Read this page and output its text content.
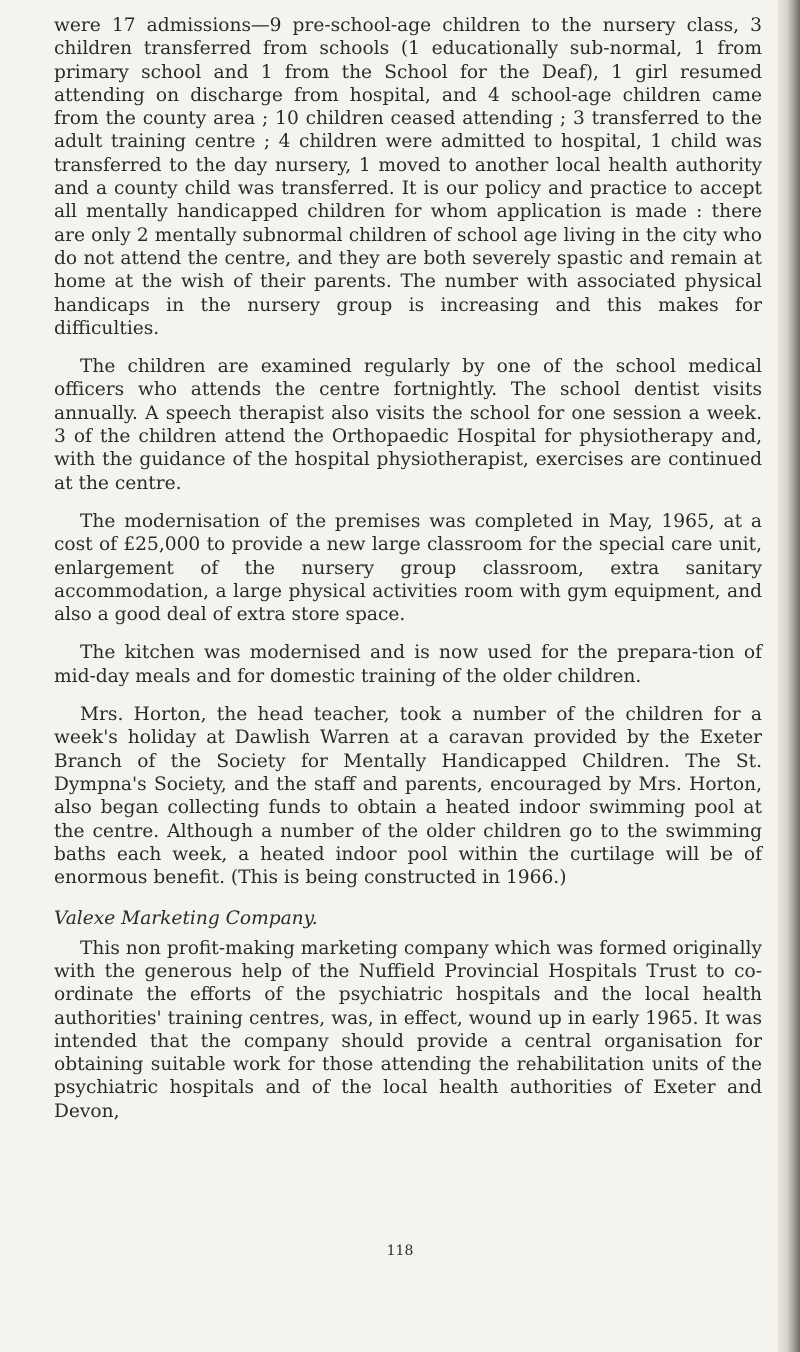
were 17 admissions—9 pre-school-age children to the nursery class, 3 children transferred from schools (1 educationally sub-normal, 1 from primary school and 1 from the School for the Deaf), 1 girl resumed attending on discharge from hospital, and 4 school-age children came from the county area ; 10 children ceased attending ; 3 transferred to the adult training centre ; 4 children were admitted to hospital, 1 child was transferred to the day nursery, 1 moved to another local health authority and a county child was transferred. It is our policy and practice to accept all mentally handicapped children for whom application is made : there are only 2 mentally subnormal children of school age living in the city who do not attend the centre, and they are both severely spastic and remain at home at the wish of their parents. The number with associated physical handicaps in the nursery group is increasing and this makes for difficulties.

The children are examined regularly by one of the school medical officers who attends the centre fortnightly. The school dentist visits annually. A speech therapist also visits the school for one session a week. 3 of the children attend the Orthopaedic Hospital for physiotherapy and, with the guidance of the hospital physiotherapist, exercises are continued at the centre.

The modernisation of the premises was completed in May, 1965, at a cost of £25,000 to provide a new large classroom for the special care unit, enlargement of the nursery group classroom, extra sanitary accommodation, a large physical activities room with gym equipment, and also a good deal of extra store space.

The kitchen was modernised and is now used for the prepara-tion of mid-day meals and for domestic training of the older children.

Mrs. Horton, the head teacher, took a number of the children for a week's holiday at Dawlish Warren at a caravan provided by the Exeter Branch of the Society for Mentally Handicapped Children. The St. Dympna's Society, and the staff and parents, encouraged by Mrs. Horton, also began collecting funds to obtain a heated indoor swimming pool at the centre. Although a number of the older children go to the swimming baths each week, a heated indoor pool within the curtilage will be of enormous benefit. (This is being constructed in 1966.)

Valexe Marketing Company.

This non profit-making marketing company which was formed originally with the generous help of the Nuffield Provincial Hospitals Trust to co-ordinate the efforts of the psychiatric hospitals and the local health authorities' training centres, was, in effect, wound up in early 1965. It was intended that the company should provide a central organisation for obtaining suitable work for those attending the rehabilitation units of the psychiatric hospitals and of the local health authorities of Exeter and Devon,

118
